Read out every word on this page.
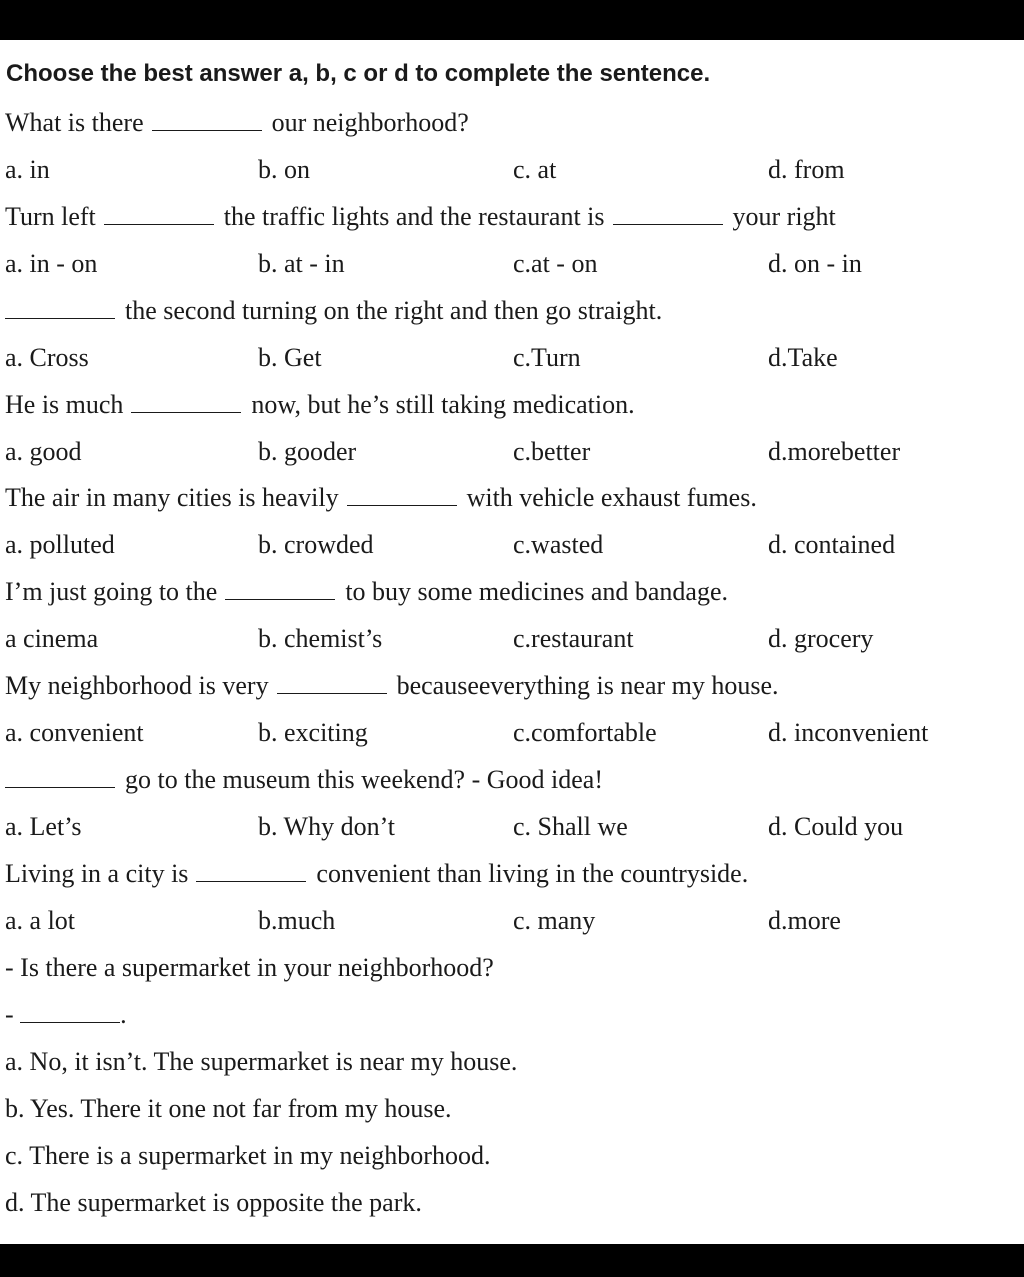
Choose the best answer a, b, c or d to complete the sentence.
What is there	our neighborhood?
a. in	b. on	c. at	d. from
Turn left	the traffic lights and the restaurant is	your right
a. in - on	b. at - in	c.at - on	d. on - in
the second turning on the right and then go straight.
a. Cross	b. Get	c.Turn	d.Take
He is much	now, but he’s still taking medication.
a. good	b. gooder	c.better	d.morebetter
The air in many cities is heavily	with vehicle exhaust fumes.
a. polluted	b. crowded	c.wasted	d. contained
I’m just going to the	to buy some medicines and bandage.
a cinema	b. chemist’s	c.restaurant	d. grocery
My neighborhood is very	becauseeverything is near my house.
a. convenient	b. exciting	c.comfortable	d. inconvenient
go to the museum this weekend? - Good idea!
a. Let’s	b. Why don’t	c. Shall we	d. Could you
Living in a city is	convenient than living in the countryside.
a. a lot	b.much	c. many	d.more
- Is there a supermarket in your neighborhood?
-	.
a. No, it isn’t. The supermarket is near my house.
b. Yes. There it one not far from my house.
c. There is a supermarket in my neighborhood.
d. The supermarket is opposite the park.
